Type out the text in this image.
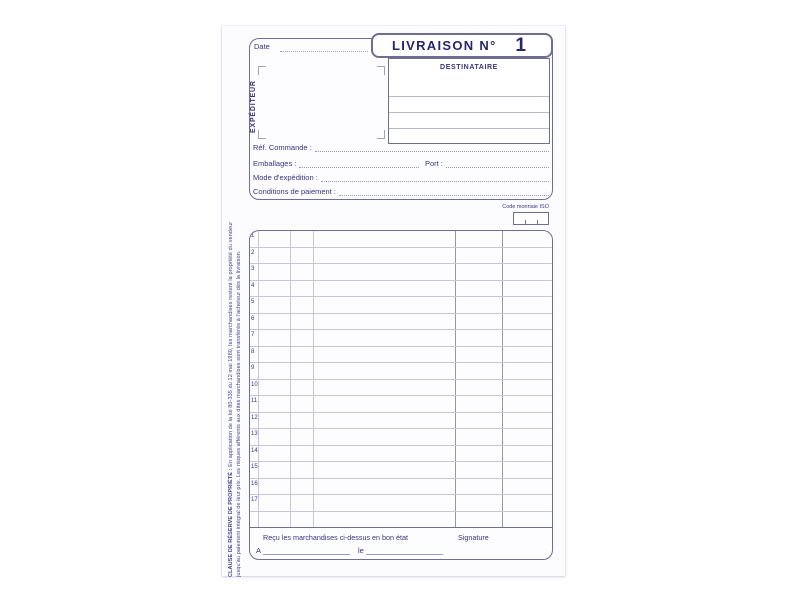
CLAUSE DE RÉSERVE DE PROPRIÉTÉ : En application de la loi 80-335 du 12 mai 1980, les marchandises restent la propriété du vendeur jusqu'au paiement intégral de leur prix. Les risques afférents aux dites marchandises sont transférés à l'acheteur dès la livraison.
Date	LIVRAISON N° 1
EXPÉDITEUR
DESTINATAIRE
Réf. Commande :
Emballages :	Port :
Mode d'expédition :
Conditions de paiement :
Code monnaie ISO
1
2
3
4
5
6
7
8
9
10
11
12
13
14
15
16
17
Reçu les marchandises ci-dessus en bon état	Signature
A	le
